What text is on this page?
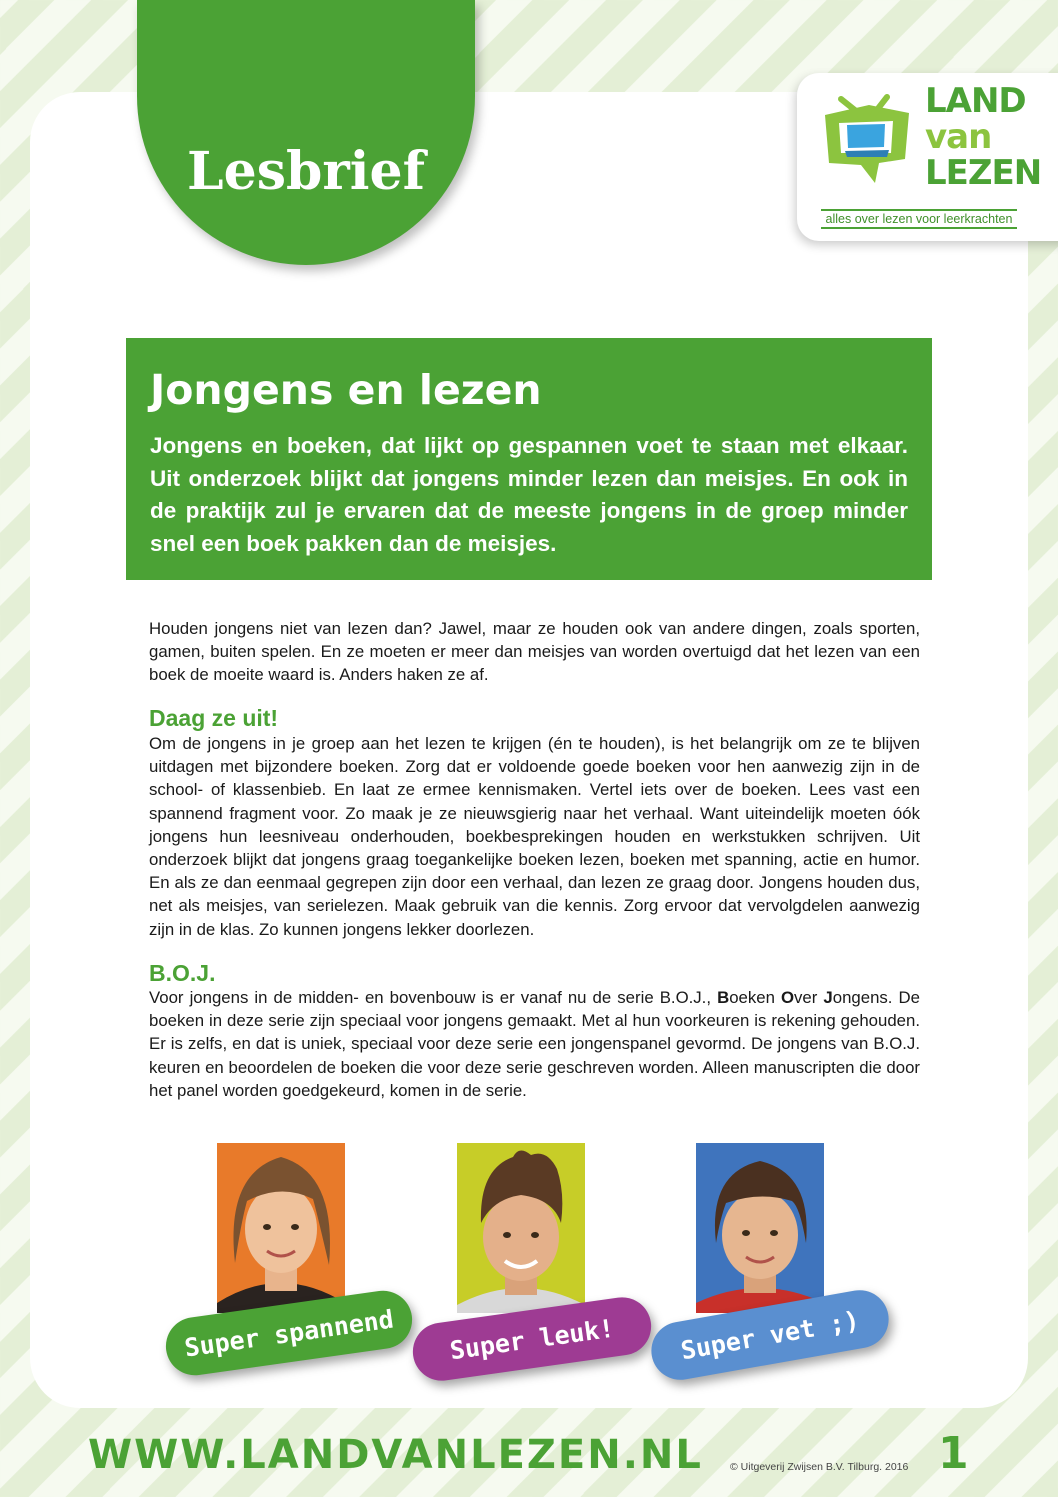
Lesbrief
LAND
van
LEZEN
alles over lezen voor leerkrachten
Jongens en lezen

Jongens en boeken, dat lijkt op gespannen voet te staan met elkaar. Uit onderzoek blijkt dat jongens minder lezen dan meisjes. En ook in de praktijk zul je ervaren dat de meeste jongens in de groep minder snel een boek pakken dan de meisjes.

Houden jongens niet van lezen dan? Jawel, maar ze houden ook van andere dingen, zoals sporten, gamen, buiten spelen. En ze moeten er meer dan meisjes van worden overtuigd dat het lezen van een boek de moeite waard is. Anders haken ze af.

Daag ze uit!

Om de jongens in je groep aan het lezen te krijgen (én te houden), is het belangrijk om ze te blijven uitdagen met bijzondere boeken. Zorg dat er voldoende goede boeken voor hen aanwezig zijn in de school- of klassenbieb. En laat ze ermee kennismaken. Vertel iets over de boeken. Lees vast een spannend fragment voor. Zo maak je ze nieuwsgierig naar het verhaal. Want uiteindelijk moeten óók jongens hun leesniveau onderhouden, boekbesprekingen houden en werkstukken schrijven. Uit onderzoek blijkt dat jongens graag toegankelijke boeken lezen, boeken met spanning, actie en humor. En als ze dan eenmaal gegrepen zijn door een verhaal, dan lezen ze graag door. Jongens houden dus, net als meisjes, van serielezen. Maak gebruik van die kennis. Zorg ervoor dat vervolgdelen aanwezig zijn in de klas. Zo kunnen jongens lekker doorlezen.

B.O.J.

Voor jongens in de midden- en bovenbouw is er vanaf nu de serie B.O.J., Boeken Over Jongens. De boeken in deze serie zijn speciaal voor jongens gemaakt. Met al hun voorkeuren is rekening gehouden. Er is zelfs, en dat is uniek, speciaal voor deze serie een jongenspanel gevormd. De jongens van B.O.J. keuren en beoordelen de boeken die voor deze serie geschreven worden. Alleen manuscripten die door het panel worden goedgekeurd, komen in de serie.

Super spannend	Super leuk!	Super vet ;)

WWW.LANDVANLEZEN.NL	© Uitgeverij Zwijsen B.V. Tilburg. 2016 1
